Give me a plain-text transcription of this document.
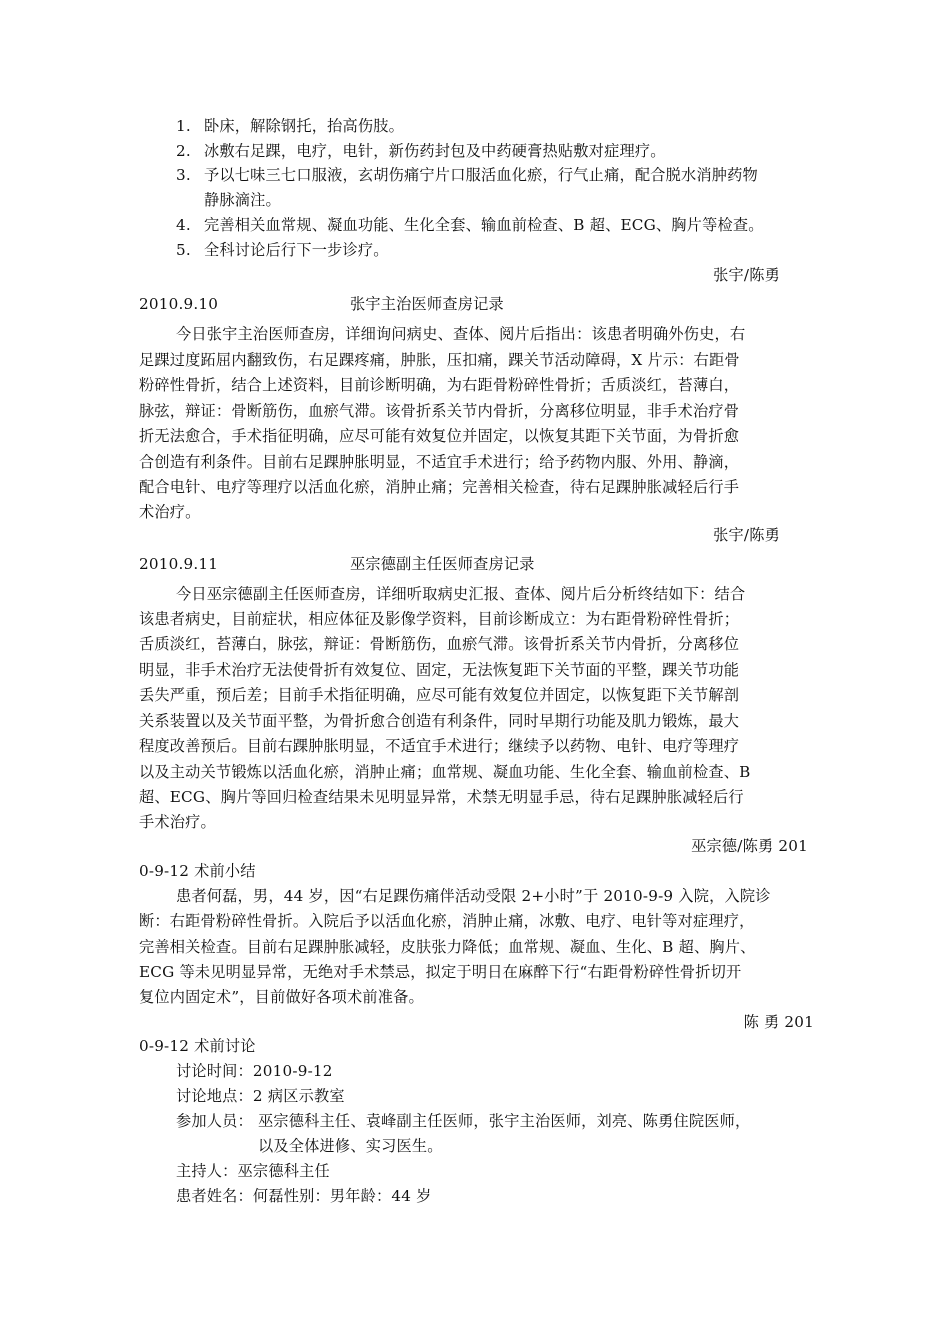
1. 卧床，解除钢托，抬高伤肢。
2. 冰敷右足踝，电疗，电针，新伤药封包及中药硬膏热贴敷对症理疗。
3. 予以七味三七口服液，玄胡伤痛宁片口服活血化瘀，行气止痛，配合脱水消肿药物
静脉滴注。
4. 完善相关血常规、凝血功能、生化全套、输血前检查、B 超、ECG、胸片等检查。
5. 全科讨论后行下一步诊疗。
张宇/陈勇
2010.9.10	张宇主治医师查房记录
今日张宇主治医师查房，详细询问病史、查体、阅片后指出：该患者明确外伤史，右
足踝过度跖屈内翻致伤，右足踝疼痛，肿胀，压扣痛，踝关节活动障碍，X 片示：右距骨
粉碎性骨折，结合上述资料，目前诊断明确，为右距骨粉碎性骨折；舌质淡红，苔薄白，
脉弦，辩证：骨断筋伤，血瘀气滞。该骨折系关节内骨折，分离移位明显，非手术治疗骨
折无法愈合，手术指征明确，应尽可能有效复位并固定，以恢复其距下关节面，为骨折愈
合创造有利条件。目前右足踝肿胀明显，不适宜手术进行；给予药物内服、外用、静滴，
配合电针、电疗等理疗以活血化瘀，消肿止痛；完善相关检查，待右足踝肿胀减轻后行手
术治疗。
张宇/陈勇
2010.9.11	巫宗德副主任医师查房记录
今日巫宗德副主任医师查房，详细听取病史汇报、查体、阅片后分析终结如下：结合
该患者病史，目前症状，相应体征及影像学资料，目前诊断成立：为右距骨粉碎性骨折；
舌质淡红，苔薄白，脉弦，辩证：骨断筋伤，血瘀气滞。该骨折系关节内骨折，分离移位
明显，非手术治疗无法使骨折有效复位、固定，无法恢复距下关节面的平整，踝关节功能
丢失严重，预后差；目前手术指征明确，应尽可能有效复位并固定，以恢复距下关节解剖
关系装置以及关节面平整，为骨折愈合创造有利条件，同时早期行功能及肌力锻炼，最大
程度改善预后。目前右踝肿胀明显，不适宜手术进行；继续予以药物、电针、电疗等理疗
以及主动关节锻炼以活血化瘀，消肿止痛；血常规、凝血功能、生化全套、输血前检查、B
超、ECG、胸片等回归检查结果未见明显异常，术禁无明显手忌，待右足踝肿胀减轻后行
手术治疗。
巫宗德/陈勇 201
0-9-12 术前小结
患者何磊，男，44 岁，因“右足踝伤痛伴活动受限 2+小时”于 2010-9-9 入院，入院诊
断：右距骨粉碎性骨折。入院后予以活血化瘀，消肿止痛，冰敷、电疗、电针等对症理疗，
完善相关检查。目前右足踝肿胀减轻，皮肤张力降低；血常规、凝血、生化、B 超、胸片、
ECG 等未见明显异常，无绝对手术禁忌，拟定于明日在麻醉下行“右距骨粉碎性骨折切开
复位内固定术”，目前做好各项术前准备。
陈 勇 201
0-9-12 术前讨论
讨论时间：2010-9-12
讨论地点：2 病区示教室
参加人员： 巫宗德科主任、袁峰副主任医师，张宇主治医师，刘亮、陈勇住院医师，
以及全体进修、实习医生。
主持人：巫宗德科主任
患者姓名：何磊性别：男年龄：44 岁
